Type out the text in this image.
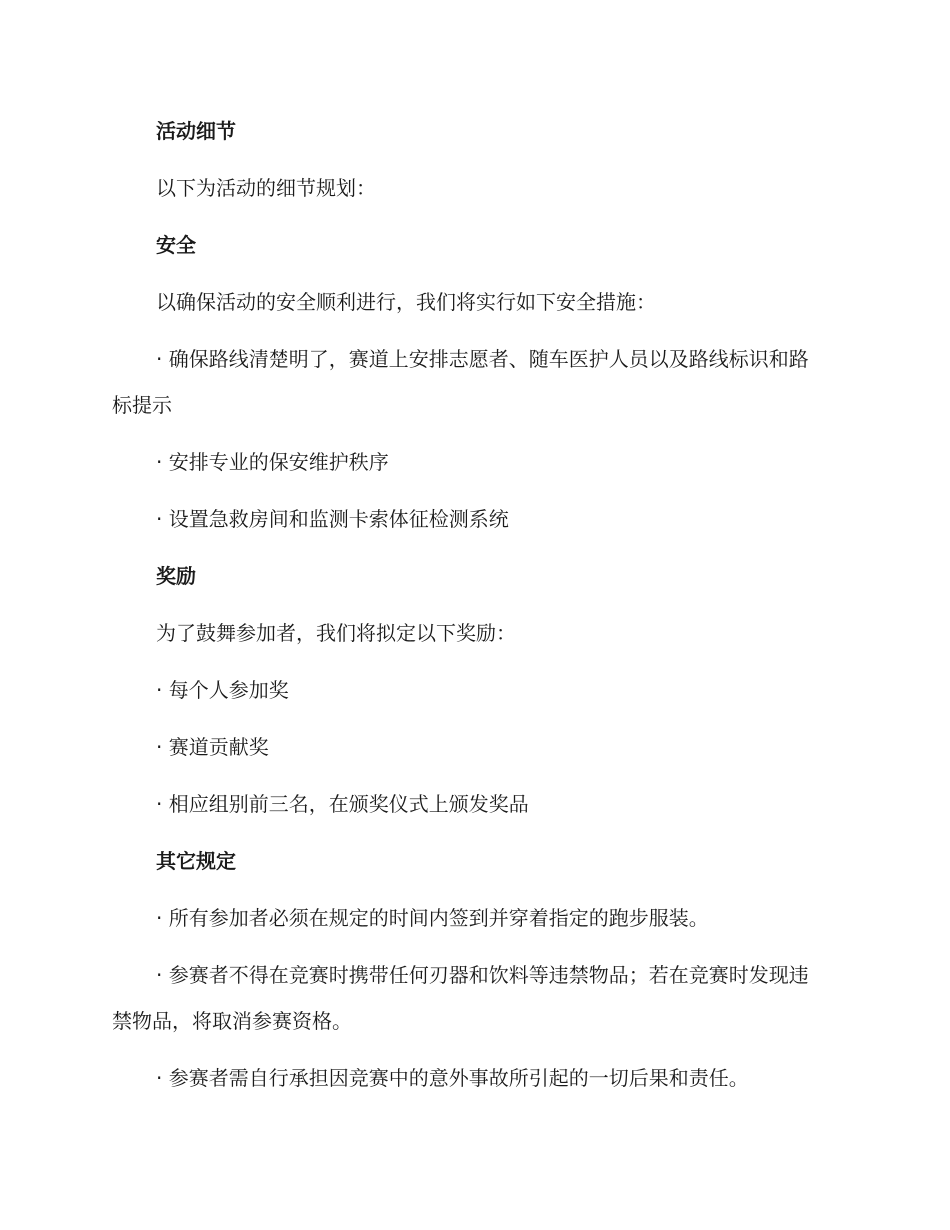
活动细节

以下为活动的细节规划：

安全

以确保活动的安全顺利进行，我们将实行如下安全措施：

· 确保路线清楚明了，赛道上安排志愿者、随车医护人员以及路线标识和路标提示

· 安排专业的保安维护秩序

· 设置急救房间和监测卡索体征检测系统

奖励

为了鼓舞参加者，我们将拟定以下奖励：

· 每个人参加奖

· 赛道贡献奖

· 相应组别前三名，在颁奖仪式上颁发奖品

其它规定

· 所有参加者必须在规定的时间内签到并穿着指定的跑步服装。

· 参赛者不得在竞赛时携带任何刃器和饮料等违禁物品；若在竞赛时发现违禁物品，将取消参赛资格。

· 参赛者需自行承担因竞赛中的意外事故所引起的一切后果和责任。
